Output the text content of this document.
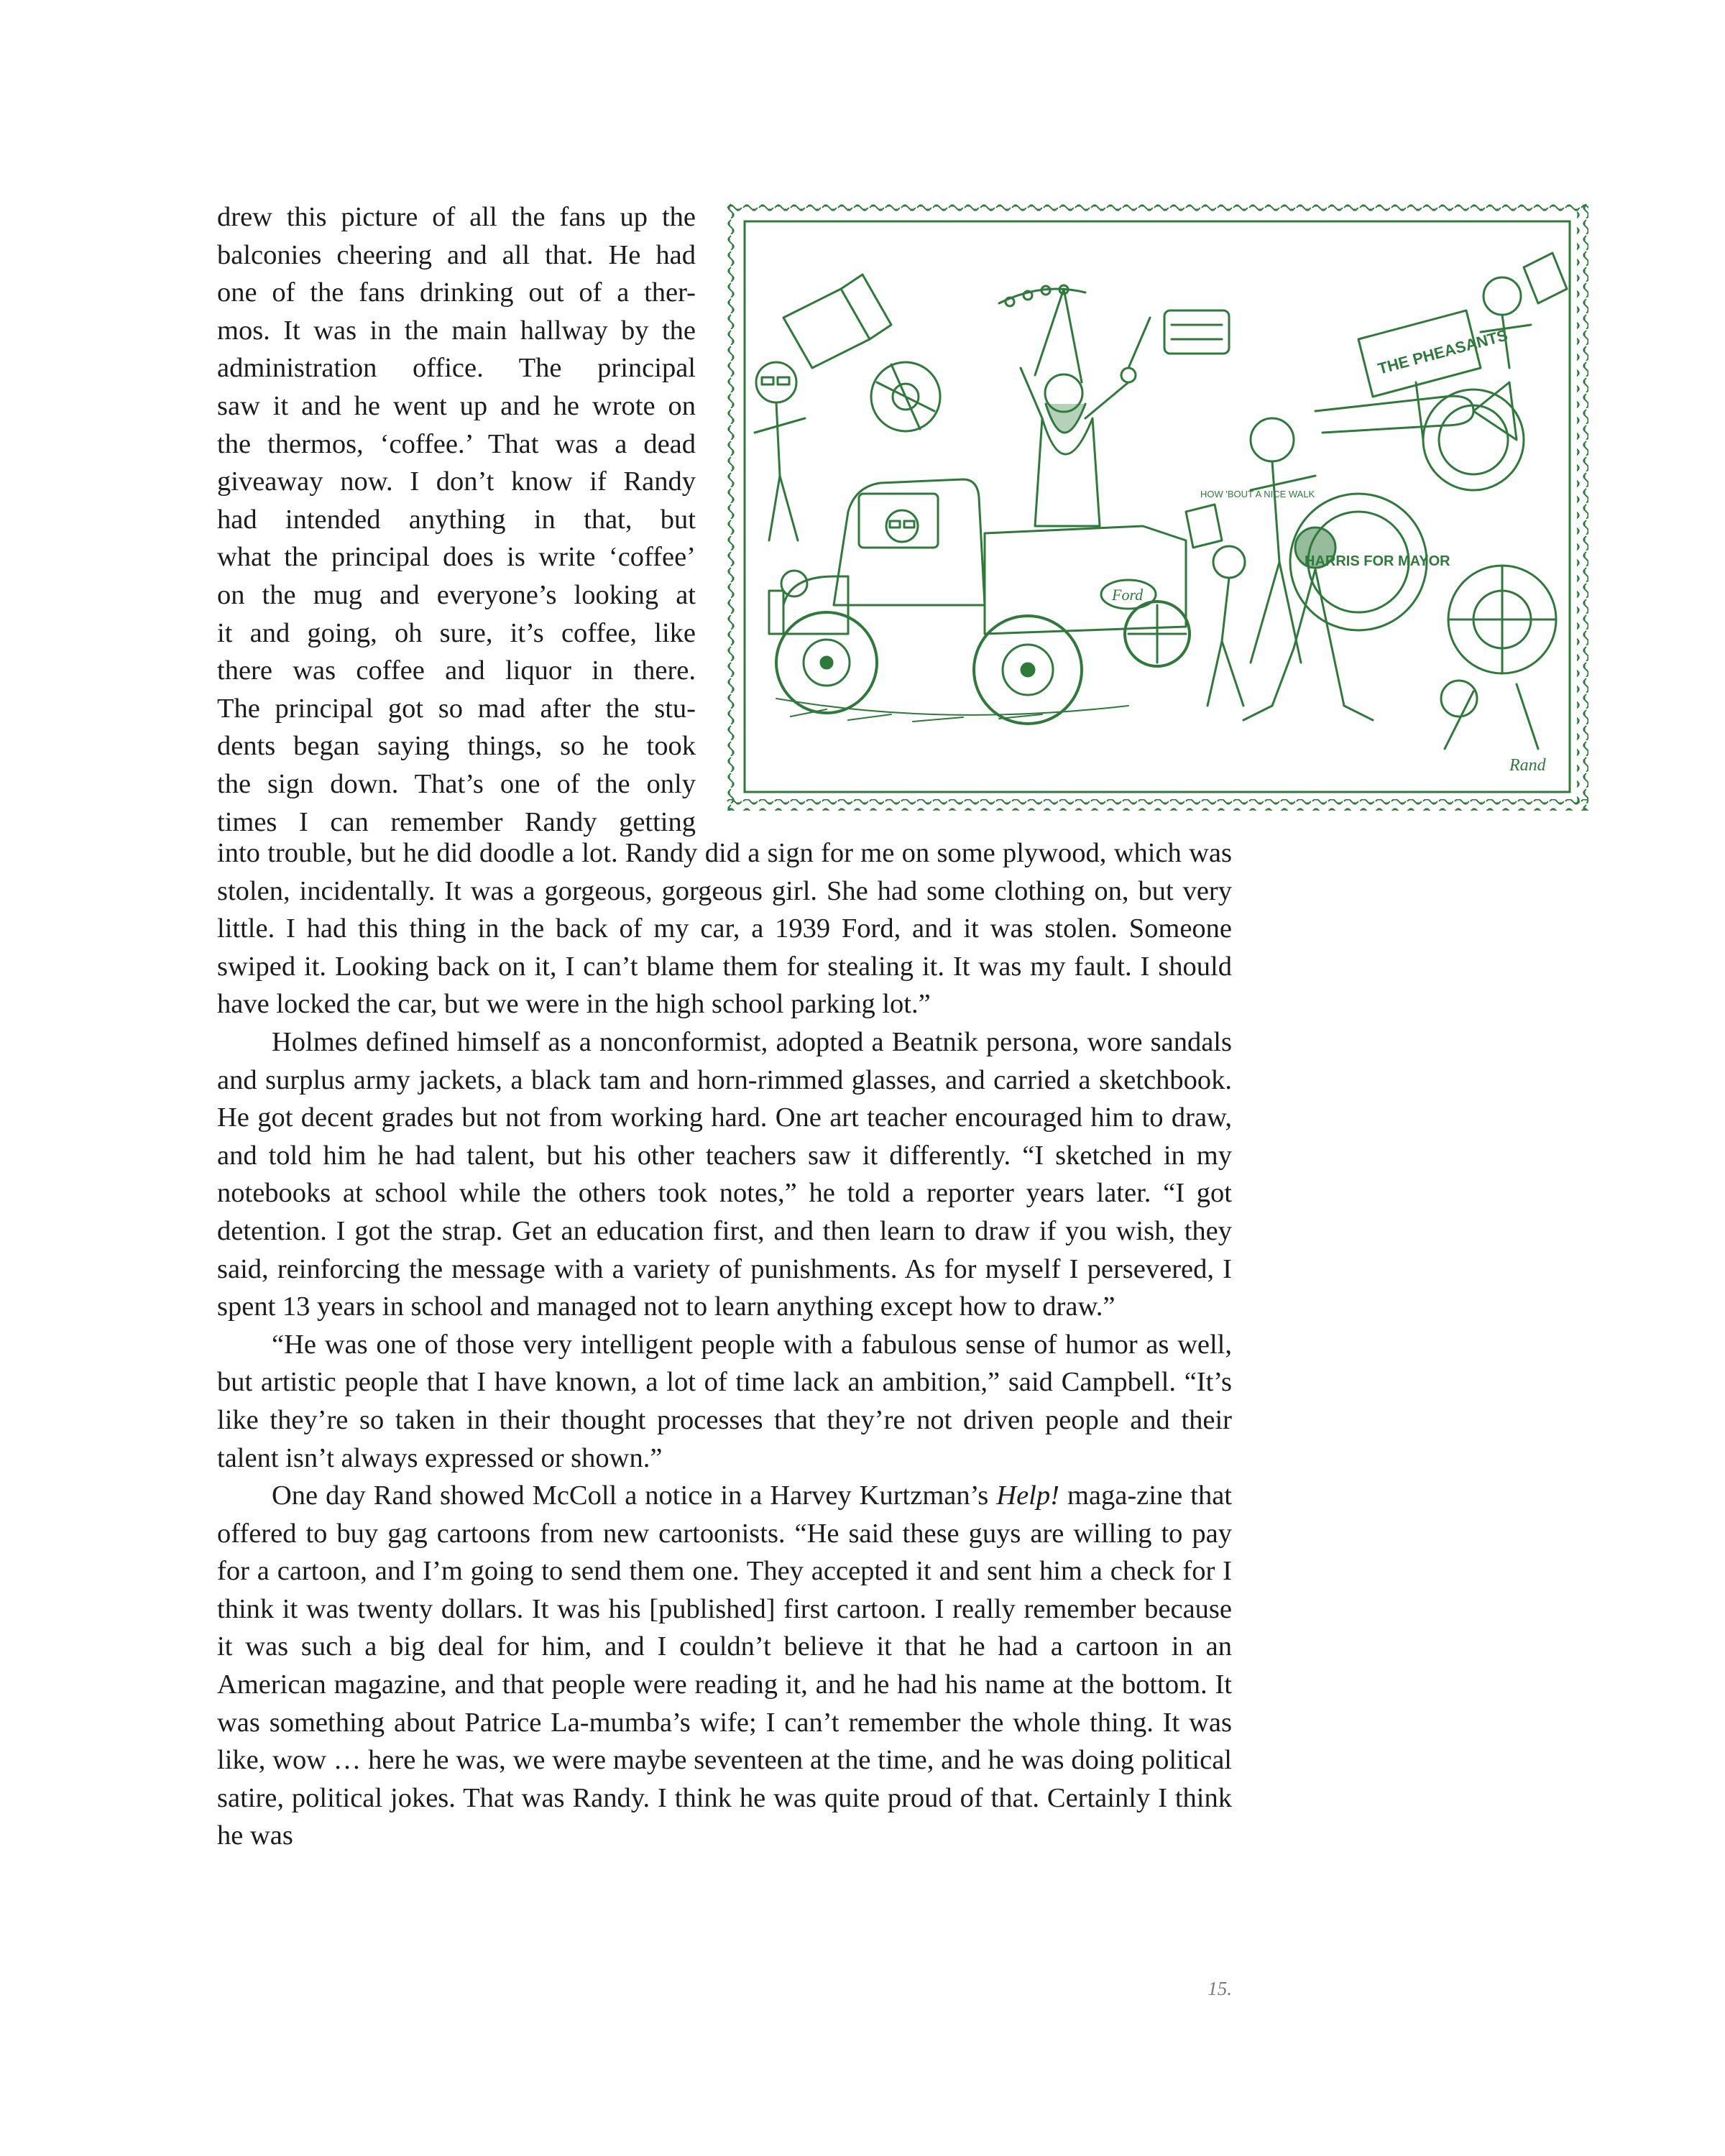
THE PHEASANTS
HARRIS FOR MAYOR
Ford
HOW 'BOUT A NICE WALK
Rand
drew this picture of all the fans up the
balconies cheering and all that. He had
one of the fans drinking out of a ther-
mos. It was in the main hallway by the
administration office. The principal
saw it and he went up and he wrote on
the thermos, ‘coffee.’ That was a dead
giveaway now. I don’t know if Randy
had intended anything in that, but
what the principal does is write ‘coffee’
on the mug and everyone’s looking at
it and going, oh sure, it’s coffee, like
there was coffee and liquor in there.
The principal got so mad after the stu-
dents began saying things, so he took
the sign down. That’s one of the only
times I can remember Randy getting

into trouble, but he did doodle a lot. Randy did a sign for me on some plywood, which was stolen, incidentally. It was a gorgeous, gorgeous girl. She had some clothing on, but very little. I had this thing in the back of my car, a 1939 Ford, and it was stolen. Someone swiped it. Looking back on it, I can’t blame them for stealing it. It was my fault. I should have locked the car, but we were in the high school parking lot.”

Holmes defined himself as a nonconformist, adopted a Beatnik persona, wore sandals and surplus army jackets, a black tam and horn-rimmed glasses, and carried a sketchbook. He got decent grades but not from working hard. One art teacher encouraged him to draw, and told him he had talent, but his other teachers saw it differently. “I sketched in my notebooks at school while the others took notes,” he told a reporter years later. “I got detention. I got the strap. Get an education first, and then learn to draw if you wish, they said, reinforcing the message with a variety of punishments. As for myself I persevered, I spent 13 years in school and managed not to learn anything except how to draw.”

“He was one of those very intelligent people with a fabulous sense of humor as well, but artistic people that I have known, a lot of time lack an ambition,” said Campbell. “It’s like they’re so taken in their thought processes that they’re not driven people and their talent isn’t always expressed or shown.”

One day Rand showed McColl a notice in a Harvey Kurtzman’s Help! maga-zine that offered to buy gag cartoons from new cartoonists. “He said these guys are willing to pay for a cartoon, and I’m going to send them one. They accepted it and sent him a check for I think it was twenty dollars. It was his [published] first cartoon. I really remember because it was such a big deal for him, and I couldn’t believe it that he had a cartoon in an American magazine, and that people were reading it, and he had his name at the bottom. It was something about Patrice La-mumba’s wife; I can’t remember the whole thing. It was like, wow … here he was, we were maybe seventeen at the time, and he was doing political satire, political jokes. That was Randy. I think he was quite proud of that. Certainly I think he was

15.
